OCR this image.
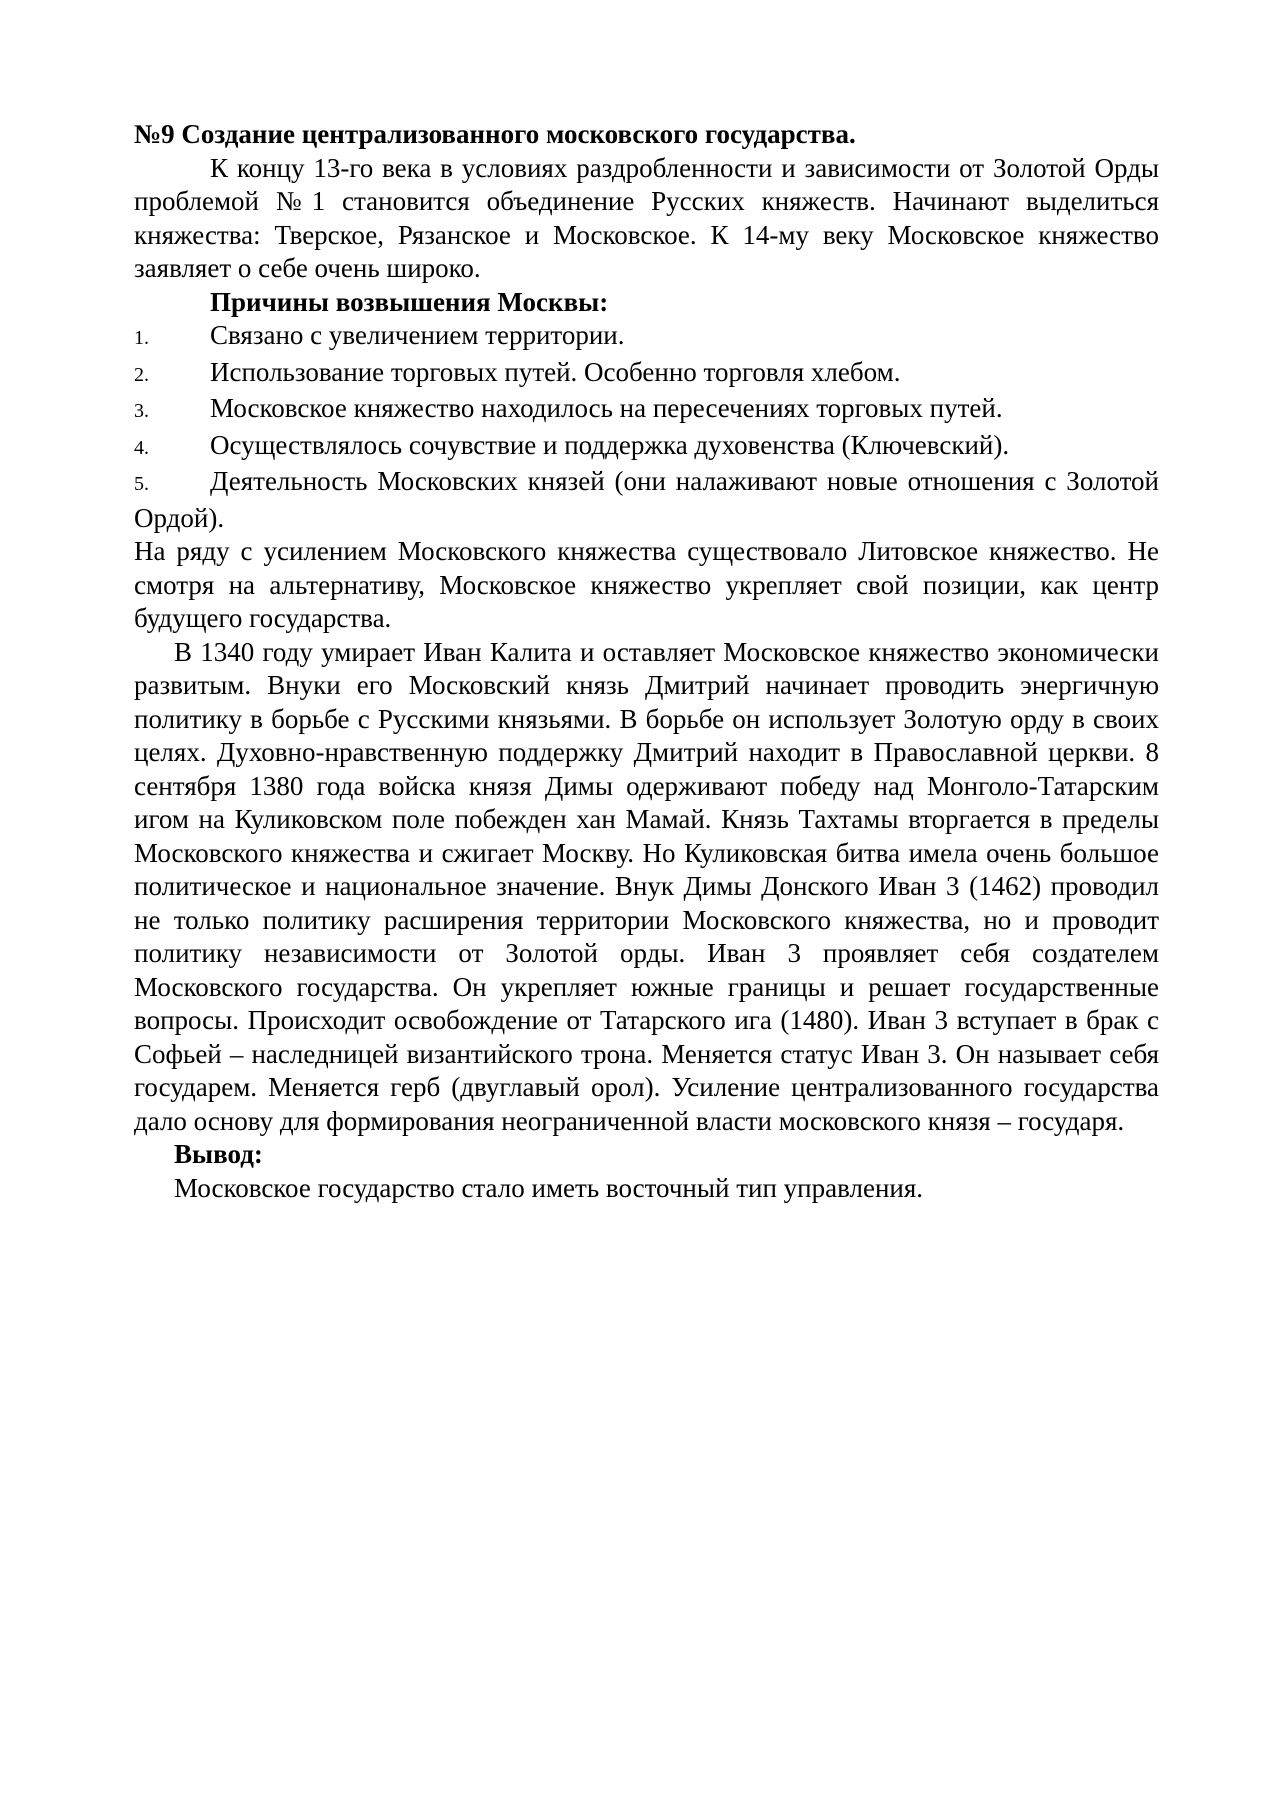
№9 Создание централизованного московского государства.

К концу 13-го века в условиях раздробленности и зависимости от Золотой Орды проблемой №1 становится объединение Русских княжеств. Начинают выделиться княжества: Тверское, Рязанское и Московское. К 14-му веку Московское княжество заявляет о себе очень широко.

Причины возвышения Москвы:

1. Связано с увеличением территории.

2. Использование торговых путей. Особенно торговля хлебом.

3. Московское княжество находилось на пересечениях торговых путей.

4. Осуществлялось сочувствие и поддержка духовенства (Ключевский).

5. Деятельность Московских князей (они налаживают новые отношения с Золотой Ордой).

На ряду с усилением Московского княжества существовало Литовское княжество. Не смотря на альтернативу, Московское княжество укрепляет свой позиции, как центр будущего государства.

В 1340 году умирает Иван Калита и оставляет Московское княжество экономически развитым. Внуки его Московский князь Дмитрий начинает проводить энергичную политику в борьбе с Русскими князьями. В борьбе он использует Золотую орду в своих целях. Духовно-нравственную поддержку Дмитрий находит в Православной церкви. 8 сентября 1380 года войска князя Димы одерживают победу над Монголо-Татарским игом на Куликовском поле побежден хан Мамай. Князь Тахтамы вторгается в пределы Московского княжества и сжигает Москву. Но Куликовская битва имела очень большое политическое и национальное значение. Внук Димы Донского Иван 3 (1462) проводил не только политику расширения территории Московского княжества, но и проводит политику независимости от Золотой орды. Иван 3 проявляет себя создателем Московского государства. Он укрепляет южные границы и решает государственные вопросы. Происходит освобождение от Татарского ига (1480). Иван 3 вступает в брак с Софьей – наследницей византийского трона. Меняется статус Иван 3. Он называет себя государем. Меняется герб (двуглавый орол). Усиление централизованного государства дало основу для формирования неограниченной власти московского князя – государя.

Вывод:

Московское государство стало иметь восточный тип управления.
